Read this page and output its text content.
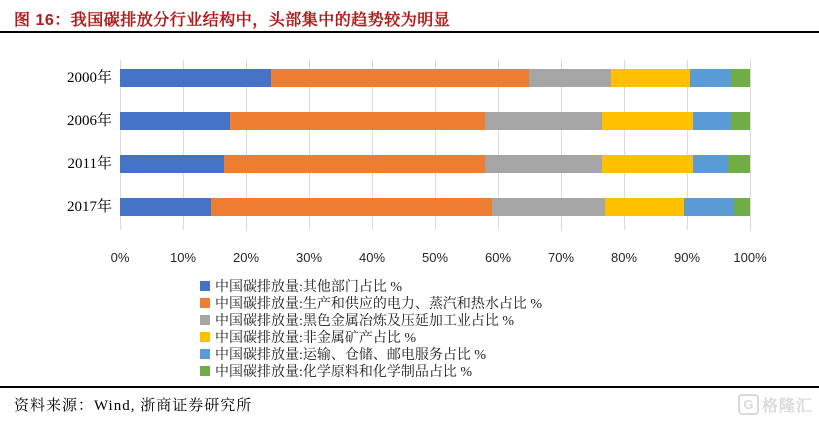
图 16：我国碳排放分行业结构中，头部集中的趋势较为明显
0%	10%	20%	30%	40%	50%	60%	70%	80%	90%	100%
2000年
2006年
2011年
2017年
中国碳排放量:其他部门占比 %
中国碳排放量:生产和供应的电力、蒸汽和热水占比 %
中国碳排放量:黑色金属冶炼及压延加工业占比 %
中国碳排放量:非金属矿产占比 %
中国碳排放量:运输、仓储、邮电服务占比 %
中国碳排放量:化学原料和化学制品占比 %
资料来源：Wind, 浙商证券研究所	G 格隆汇
